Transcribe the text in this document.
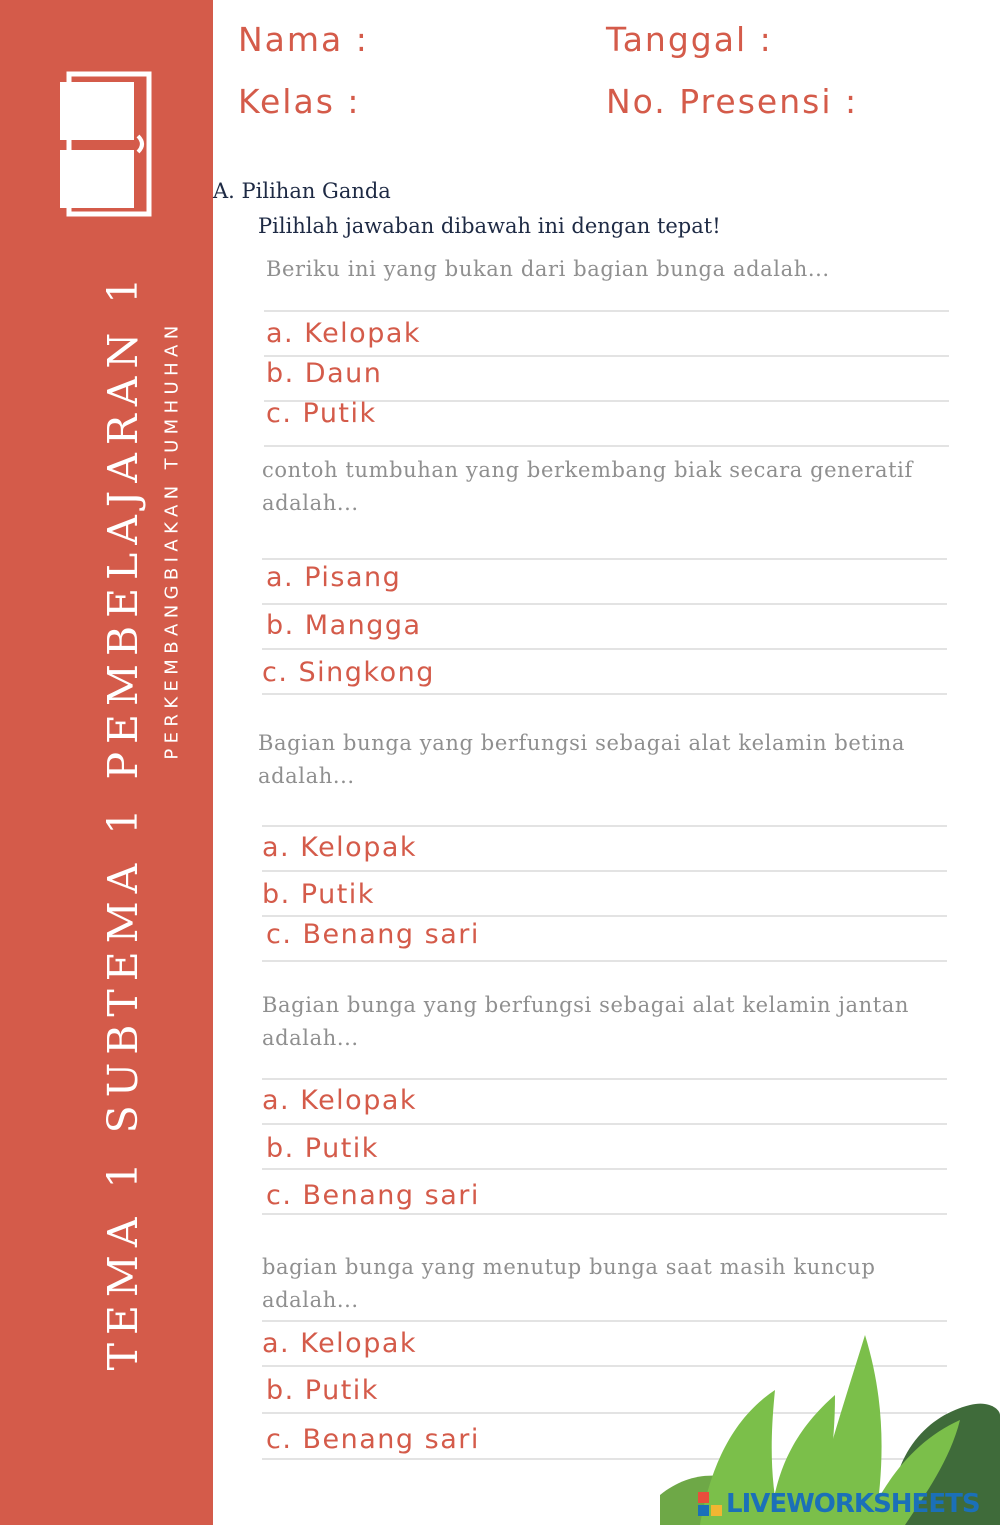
TEMA 1 SUBTEMA 1 PEMBELAJARAN 1 PERKEMBANGBIAKAN TUMHUHAN
Nama :	Tanggal :
Kelas :	No. Presensi :
A. Pilihan Ganda
Pilihlah jawaban dibawah ini dengan tepat!
Beriku ini yang bukan dari bagian bunga adalah...
a. Kelopak
b. Daun
c. Putik
contoh tumbuhan yang berkembang biak secara generatif adalah...
a. Pisang
b. Mangga
c. Singkong
Bagian bunga yang berfungsi sebagai alat kelamin betina adalah...
a. Kelopak
b. Putik
c. Benang sari
Bagian bunga yang berfungsi sebagai alat kelamin jantan adalah...
a. Kelopak
b. Putik
c. Benang sari
bagian bunga yang menutup bunga saat masih kuncup adalah...
a. Kelopak
b. Putik
c. Benang sari
LIVEWORKSHEETS
